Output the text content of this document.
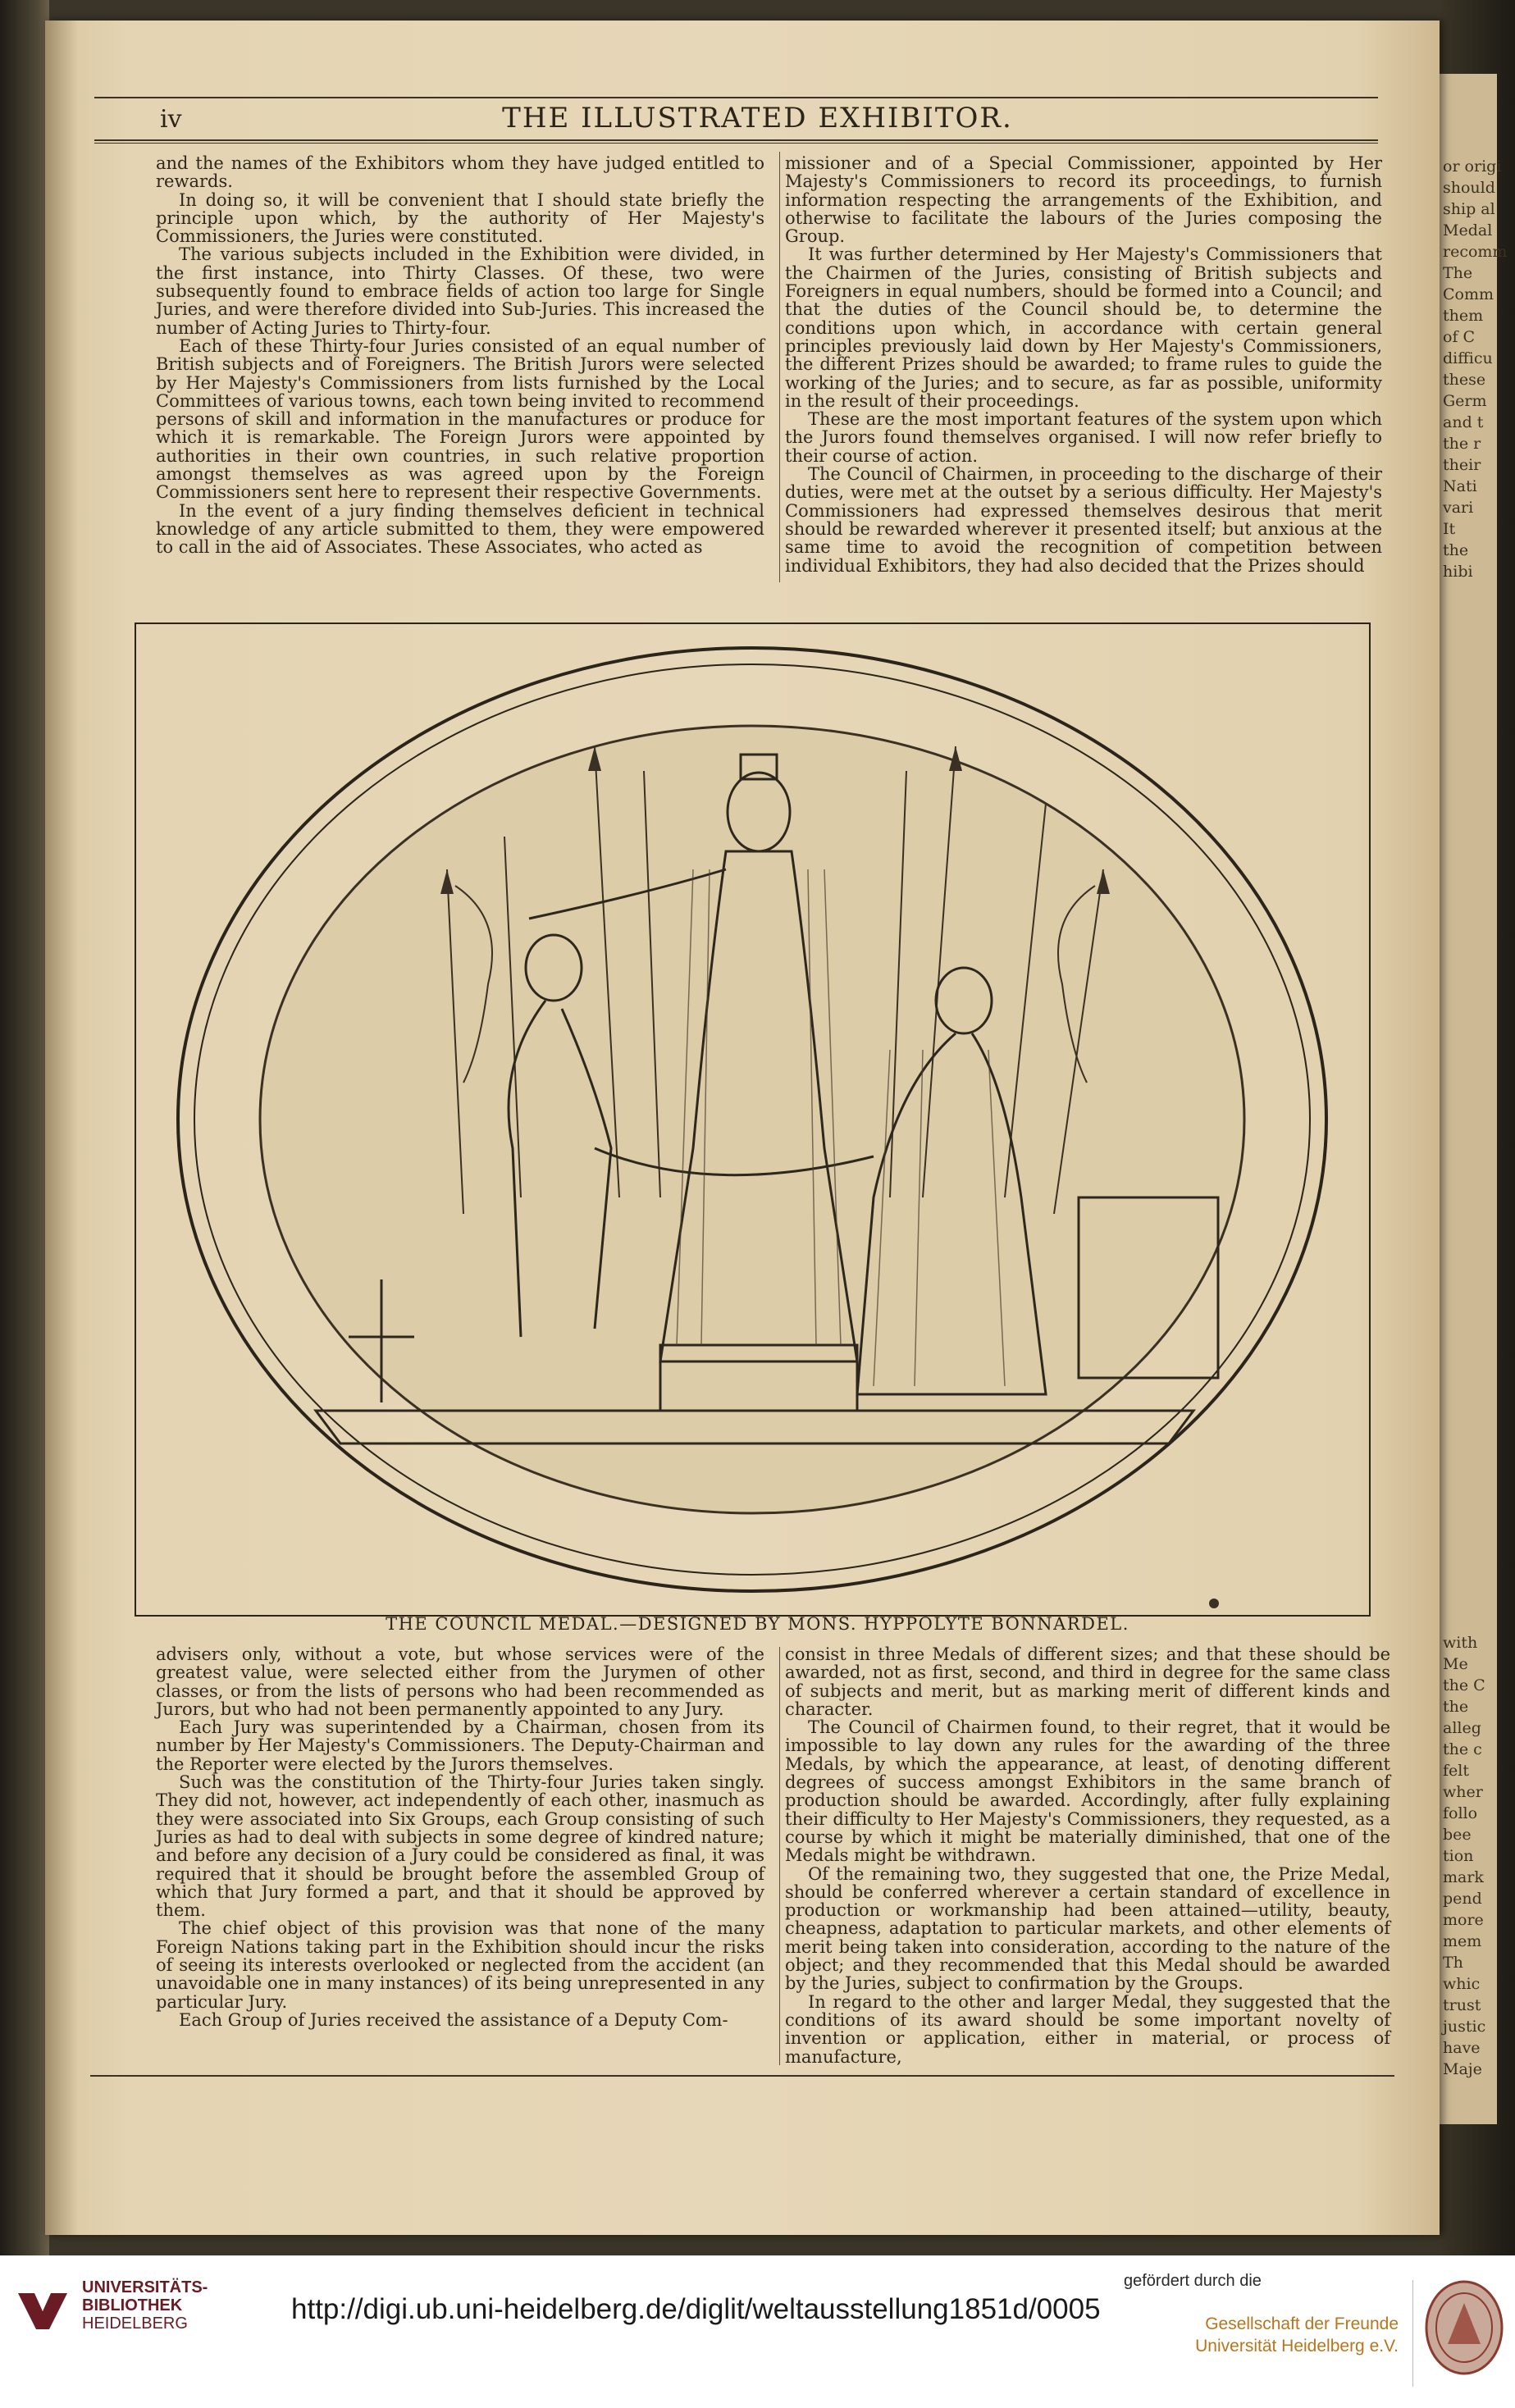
or origi
should
ship al
Medal
recomm
The
Comm
them
of C
difficu
these
Germ
and t
the r
their
Nati
vari
It
the
hibi
with
Me
the C
the
alleg
the c
felt
wher
follo
bee
tion
mark
pend
more
mem
Th
whic
trust
justic
have
Maje
iv	THE ILLUSTRATED EXHIBITOR.

and the names of the Exhibitors whom they have judged entitled to rewards.

In doing so, it will be convenient that I should state briefly the principle upon which, by the authority of Her Majesty's Commissioners, the Juries were constituted.

The various subjects included in the Exhibition were divided, in the first instance, into Thirty Classes. Of these, two were subsequently found to embrace fields of action too large for Single Juries, and were therefore divided into Sub-Juries. This increased the number of Acting Juries to Thirty-four.

Each of these Thirty-four Juries consisted of an equal number of British subjects and of Foreigners. The British Jurors were selected by Her Majesty's Commissioners from lists furnished by the Local Committees of various towns, each town being invited to recommend persons of skill and information in the manufactures or produce for which it is remarkable. The Foreign Jurors were appointed by authorities in their own countries, in such relative proportion amongst themselves as was agreed upon by the Foreign Commissioners sent here to represent their respective Governments.

In the event of a jury finding themselves deficient in technical knowledge of any article submitted to them, they were empowered to call in the aid of Associates. These Associates, who acted as

missioner and of a Special Commissioner, appointed by Her Majesty's Commissioners to record its proceedings, to furnish information respecting the arrangements of the Exhibition, and otherwise to facilitate the labours of the Juries composing the Group.

It was further determined by Her Majesty's Commissioners that the Chairmen of the Juries, consisting of British subjects and Foreigners in equal numbers, should be formed into a Council; and that the duties of the Council should be, to determine the conditions upon which, in accordance with certain general principles previously laid down by Her Majesty's Commissioners, the different Prizes should be awarded; to frame rules to guide the working of the Juries; and to secure, as far as possible, uniformity in the result of their proceedings.

These are the most important features of the system upon which the Jurors found themselves organised. I will now refer briefly to their course of action.

The Council of Chairmen, in proceeding to the discharge of their duties, were met at the outset by a serious difficulty. Her Majesty's Commissioners had expressed themselves desirous that merit should be rewarded wherever it presented itself; but anxious at the same time to avoid the recognition of competition between individual Exhibitors, they had also decided that the Prizes should

THE COUNCIL MEDAL.—DESIGNED BY MONS. HYPPOLYTE BONNARDEL.

advisers only, without a vote, but whose services were of the greatest value, were selected either from the Jurymen of other classes, or from the lists of persons who had been recommended as Jurors, but who had not been permanently appointed to any Jury.

Each Jury was superintended by a Chairman, chosen from its number by Her Majesty's Commissioners. The Deputy-Chairman and the Reporter were elected by the Jurors themselves.

Such was the constitution of the Thirty-four Juries taken singly. They did not, however, act independently of each other, inasmuch as they were associated into Six Groups, each Group consisting of such Juries as had to deal with subjects in some degree of kindred nature; and before any decision of a Jury could be considered as final, it was required that it should be brought before the assembled Group of which that Jury formed a part, and that it should be approved by them.

The chief object of this provision was that none of the many Foreign Nations taking part in the Exhibition should incur the risks of seeing its interests overlooked or neglected from the accident (an unavoidable one in many instances) of its being unrepresented in any particular Jury.

Each Group of Juries received the assistance of a Deputy Com-

consist in three Medals of different sizes; and that these should be awarded, not as first, second, and third in degree for the same class of subjects and merit, but as marking merit of different kinds and character.

The Council of Chairmen found, to their regret, that it would be impossible to lay down any rules for the awarding of the three Medals, by which the appearance, at least, of denoting different degrees of success amongst Exhibitors in the same branch of production should be awarded. Accordingly, after fully explaining their difficulty to Her Majesty's Commissioners, they requested, as a course by which it might be materially diminished, that one of the Medals might be withdrawn.

Of the remaining two, they suggested that one, the Prize Medal, should be conferred wherever a certain standard of excellence in production or workmanship had been attained—utility, beauty, cheapness, adaptation to particular markets, and other elements of merit being taken into consideration, according to the nature of the object; and they recommended that this Medal should be awarded by the Juries, subject to confirmation by the Groups.

In regard to the other and larger Medal, they suggested that the conditions of its award should be some important novelty of invention or application, either in material, or process of manufacture,

UNIVERSITÄTS-
BIBLIOTHEK
HEIDELBERG	http://digi.ub.uni-heidelberg.de/diglit/weltausstellung1851d/0005
gefördert durch die
Gesellschaft der Freunde
Universität Heidelberg e.V.
